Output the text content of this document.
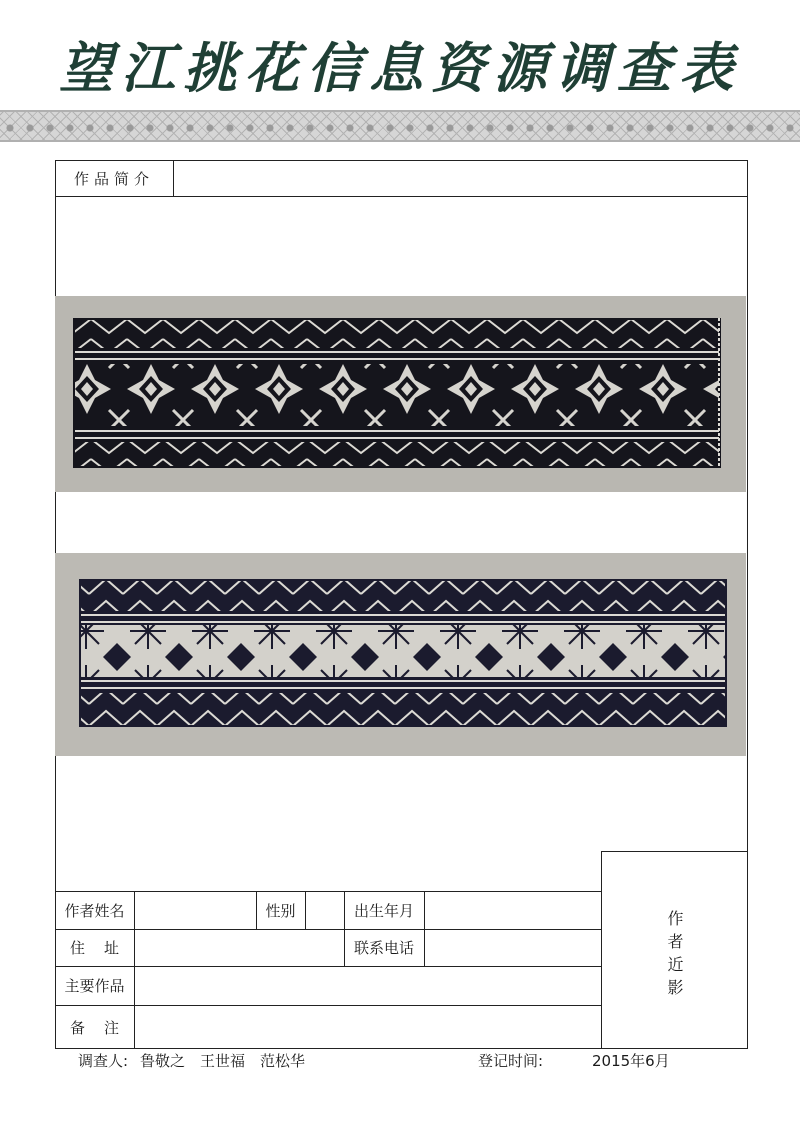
望江挑花信息资源调查表
作品简介
作者姓名	性别	出生年月
住    址	联系电话
主要作品
备    注
作
者
近
影
调查人: 鲁敬之　王世福　范松华	登记时间:	2015年6月
